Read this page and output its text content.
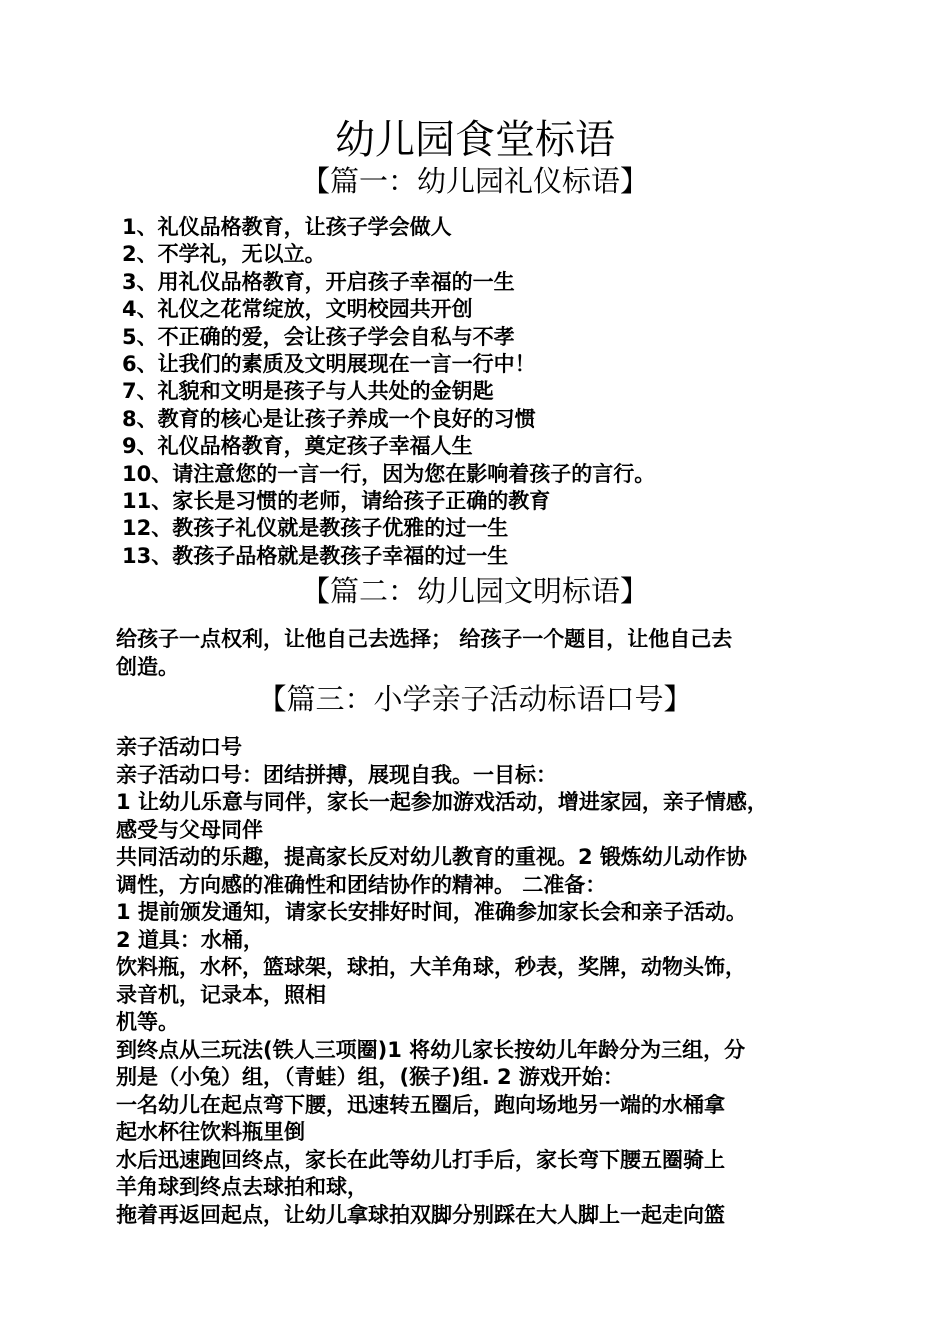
幼儿园食堂标语
【篇一：幼儿园礼仪标语】
1、礼仪品格教育，让孩子学会做人
2、不学礼，无以立。
3、用礼仪品格教育，开启孩子幸福的一生
4、礼仪之花常绽放，文明校园共开创
5、不正确的爱，会让孩子学会自私与不孝
6、让我们的素质及文明展现在一言一行中！
7、礼貌和文明是孩子与人共处的金钥匙
8、教育的核心是让孩子养成一个良好的习惯
9、礼仪品格教育，奠定孩子幸福人生
10、请注意您的一言一行，因为您在影响着孩子的言行。
11、家长是习惯的老师，请给孩子正确的教育
12、教孩子礼仪就是教孩子优雅的过一生
13、教孩子品格就是教孩子幸福的过一生
【篇二：幼儿园文明标语】
给孩子一点权利，让他自己去选择； 给孩子一个题目，让他自己去
创造。
【篇三：小学亲子活动标语口号】
亲子活动口号
亲子活动口号：团结拼搏，展现自我。一目标：
1 让幼儿乐意与同伴，家长一起参加游戏活动，增进家园，亲子情感，
感受与父母同伴
共同活动的乐趣，提高家长反对幼儿教育的重视。2 锻炼幼儿动作协
调性，方向感的准确性和团结协作的精神。 二准备：
1 提前颁发通知，请家长安排好时间，准确参加家长会和亲子活动。
2 道具：水桶，
饮料瓶，水杯，篮球架，球拍，大羊角球，秒表，奖牌，动物头饰，
录音机，记录本，照相
机等。
到终点从三玩法(铁人三项圈)1 将幼儿家长按幼儿年龄分为三组，分
别是（小兔）组，（青蛙）组，(猴子)组. 2 游戏开始：
一名幼儿在起点弯下腰，迅速转五圈后，跑向场地另一端的水桶拿
起水杯往饮料瓶里倒
水后迅速跑回终点，家长在此等幼儿打手后，家长弯下腰五圈骑上
羊角球到终点去球拍和球，
拖着再返回起点，让幼儿拿球拍双脚分别踩在大人脚上一起走向篮
